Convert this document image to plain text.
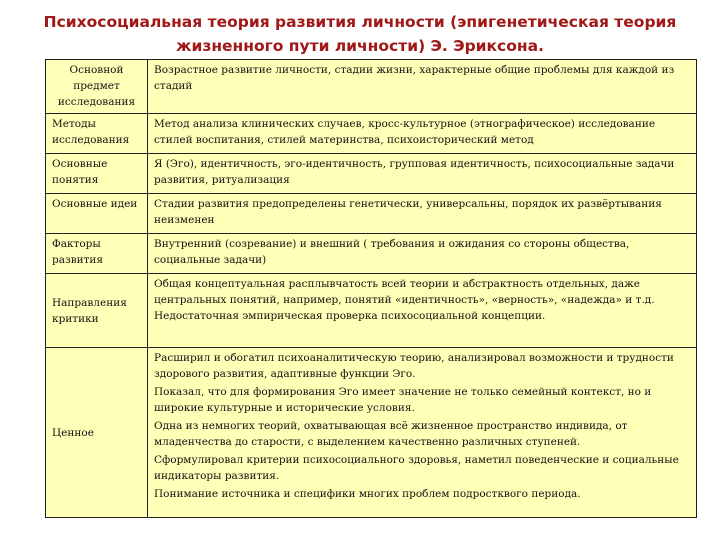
Психосоциальная теория развития личности (эпигенетическая теория жизненного пути личности) Э. Эриксона.
Основной предмет исследования	Возрастное развитие личности, стадии жизни, характерные общие проблемы для каждой из стадий
Методы исследования	Метод анализа клинических случаев, кросс-культурное (этнографическое) исследование стилей воспитания, стилей материнства, психоисторический метод
Основные понятия	Я (Эго), идентичность, эго-идентичность, групповая идентичность, психосоциальные задачи развития, ритуализация
Основные идеи	Стадии развития предопределены генетически, универсальны, порядок их развёртывания неизменен
Факторы развития	Внутренний (созревание) и внешний ( требования и ожидания со стороны общества, социальные задачи)
Направления критики	Общая концептуальная расплывчатость всей теории и абстрактность отдельных, даже центральных понятий, например, понятий «идентичность», «верность», «надежда» и т.д. Недостаточная эмпирическая проверка психосоциальной концепции.
Ценное	Расширил и обогатил психоаналитическую теорию, анализировал возможности и трудности здорового развития, адаптивные функции Эго.
Показал, что для формирования Эго имеет значение не только семейный контекст, но и широкие культурные и исторические условия.
Одна из немногих теорий, охватывающая всё жизненное пространство индивида, от младенчества до старости, с выделением качественно различных ступеней.
Сформулировал критерии психосоциального здоровья, наметил поведенческие и социальные индикаторы развития.
Понимание источника и специфики многих проблем подростквого периода.
